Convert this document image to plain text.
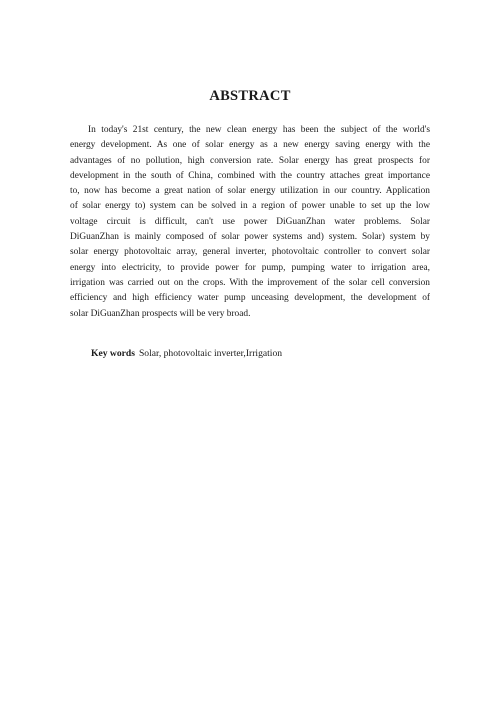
ABSTRACT
In today's 21st century, the new clean energy has been the subject of the world's
energy development. As one of solar energy as a new energy saving energy with the
advantages of no pollution, high conversion rate. Solar energy has great prospects for
development in the south of China, combined with the country attaches great importance
to, now has become a great nation of solar energy utilization in our country. Application
of solar energy to) system can be solved in a region of power unable to set up the low
voltage circuit is difficult, can't use power DiGuanZhan water problems. Solar
DiGuanZhan is mainly composed of solar power systems and) system. Solar) system by
solar energy photovoltaic array, general inverter, photovoltaic controller to convert solar
energy into electricity, to provide power for pump, pumping water to irrigation area,
irrigation was carried out on the crops. With the improvement of the solar cell conversion
efficiency and high efficiency water pump unceasing development, the development of
solar DiGuanZhan prospects will be very broad.
Key words Solar, photovoltaic inverter,Irrigation
